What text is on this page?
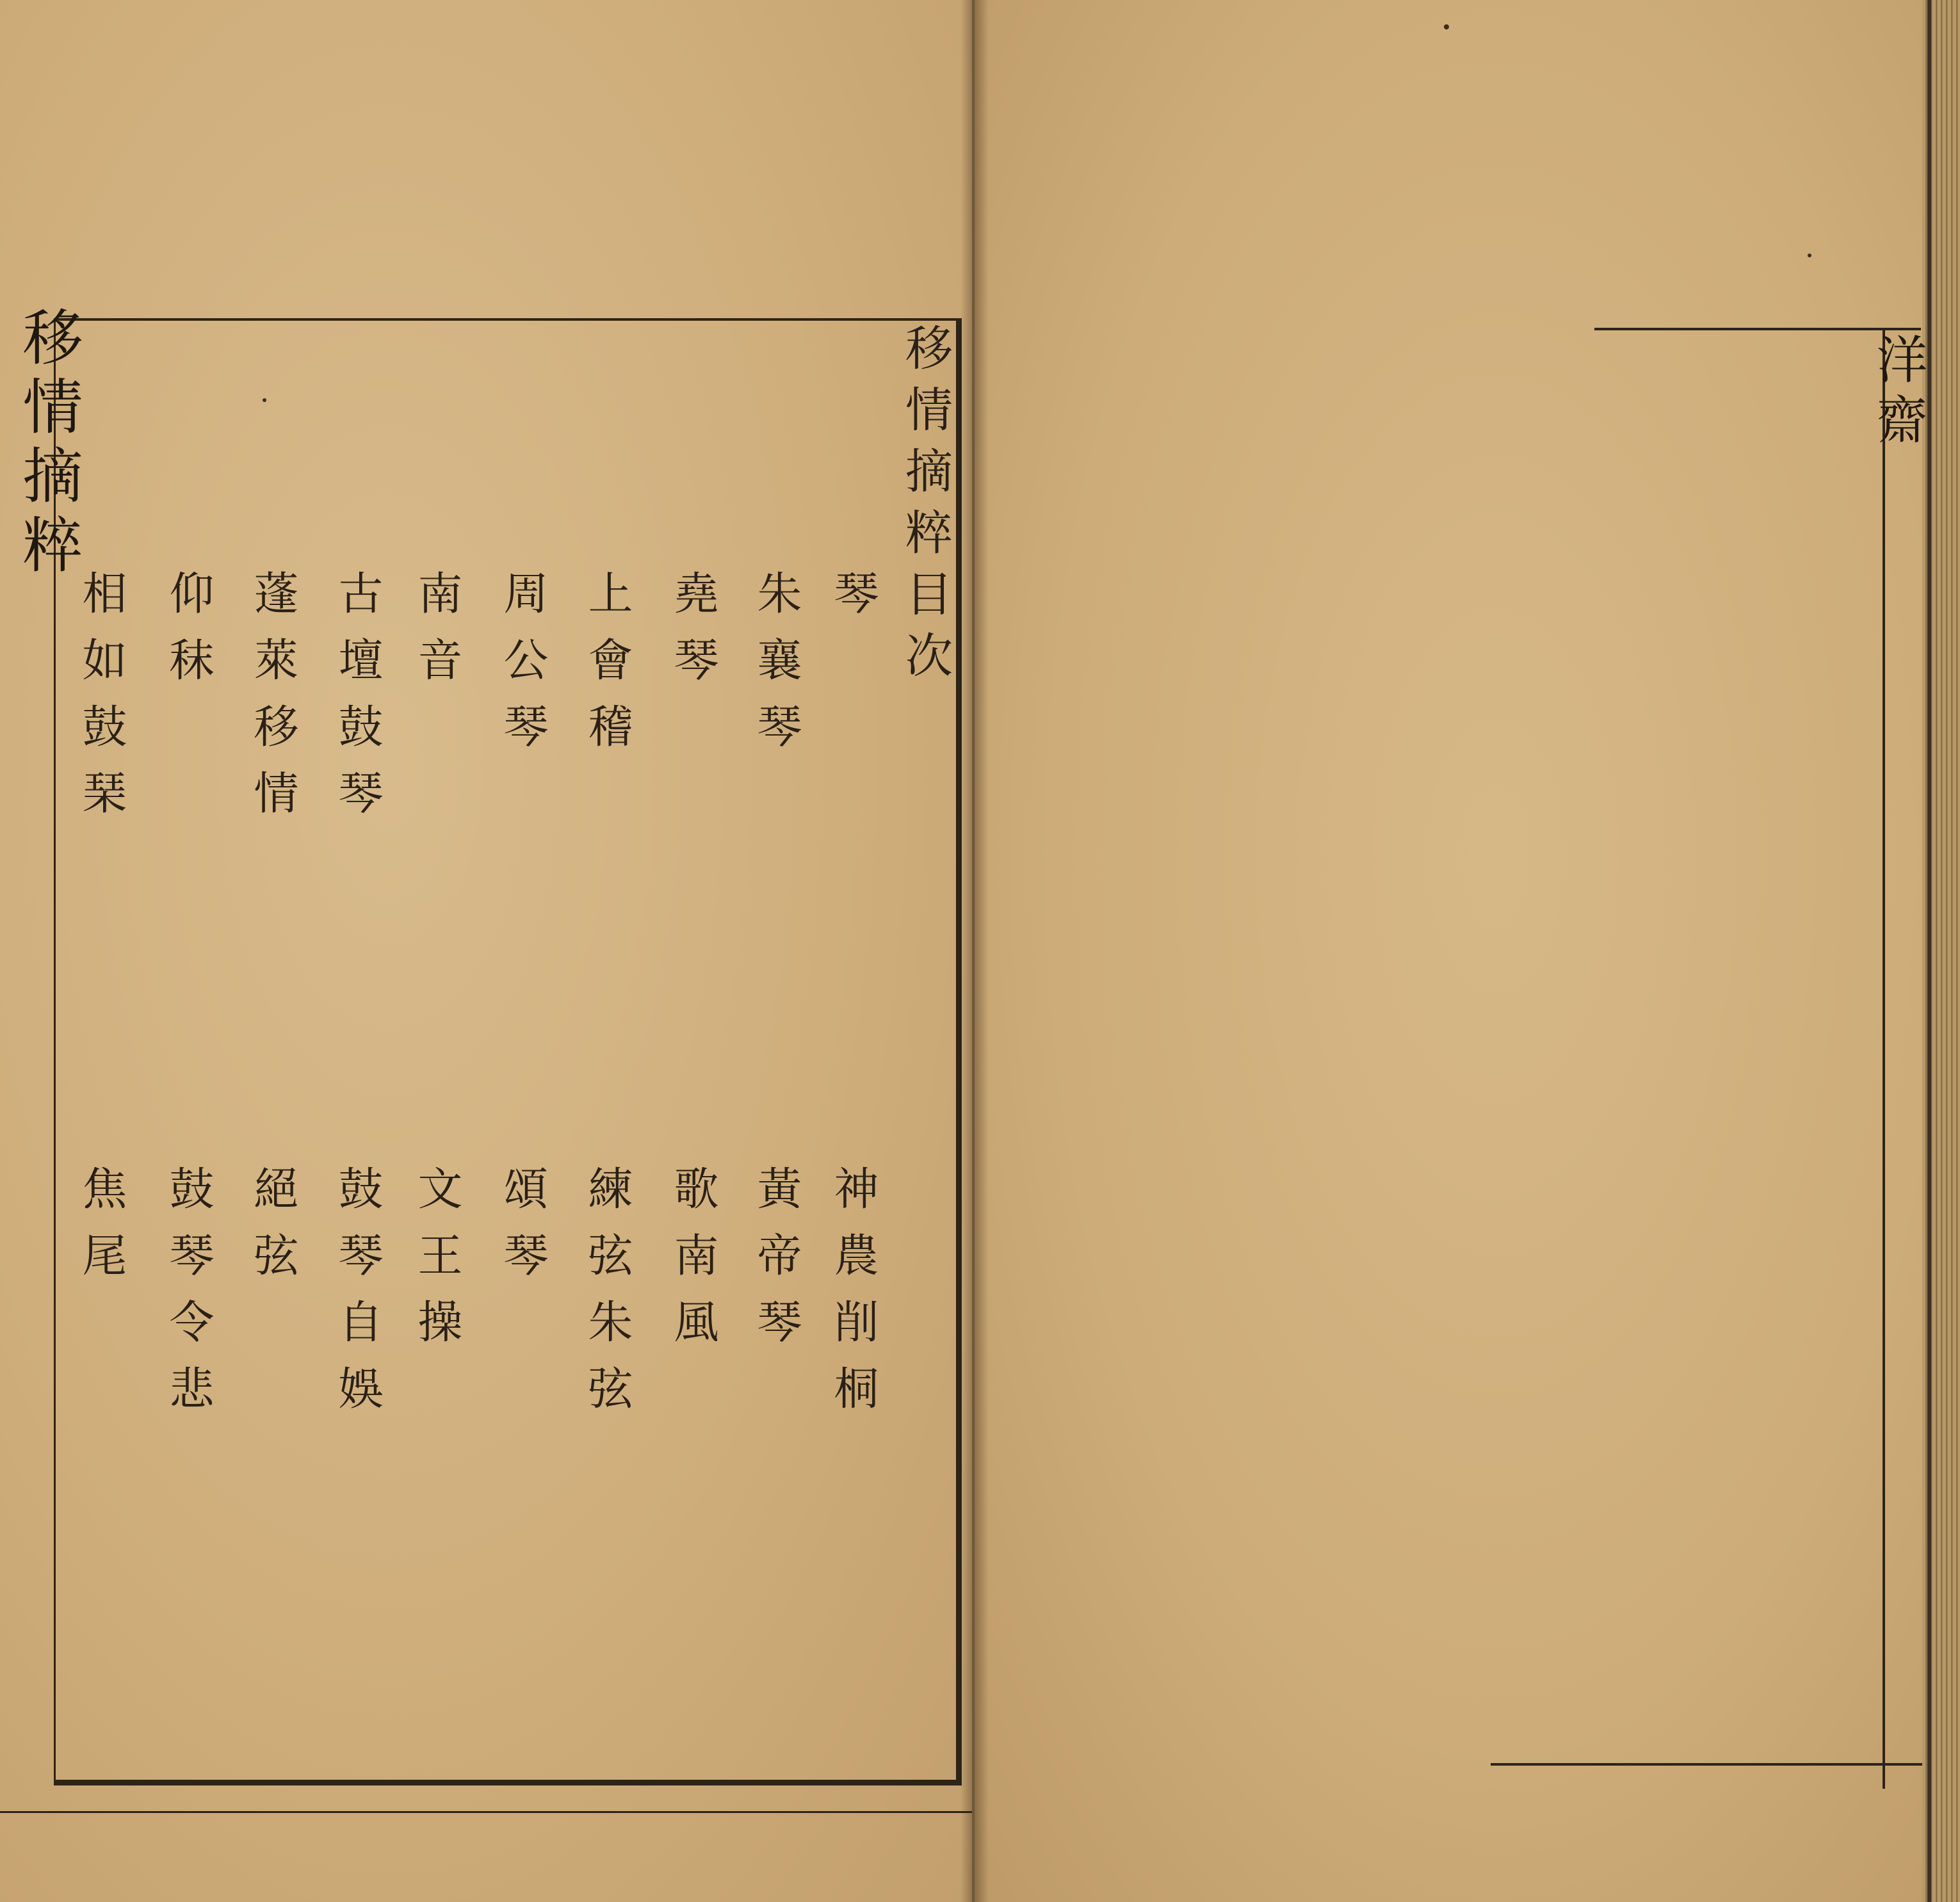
移情摘粹	移情摘粹目次
琴
朱襄琴
堯琴
上會稽
周公琴
南音
古壇鼓琴
蓬萊移情
仰秣
相如鼓琹
神農削桐
黃帝琴
歌南風
練弦朱弦
頌琴
文王操
鼓琴自娛
絕弦
鼓琴令悲
焦尾
洋齋
